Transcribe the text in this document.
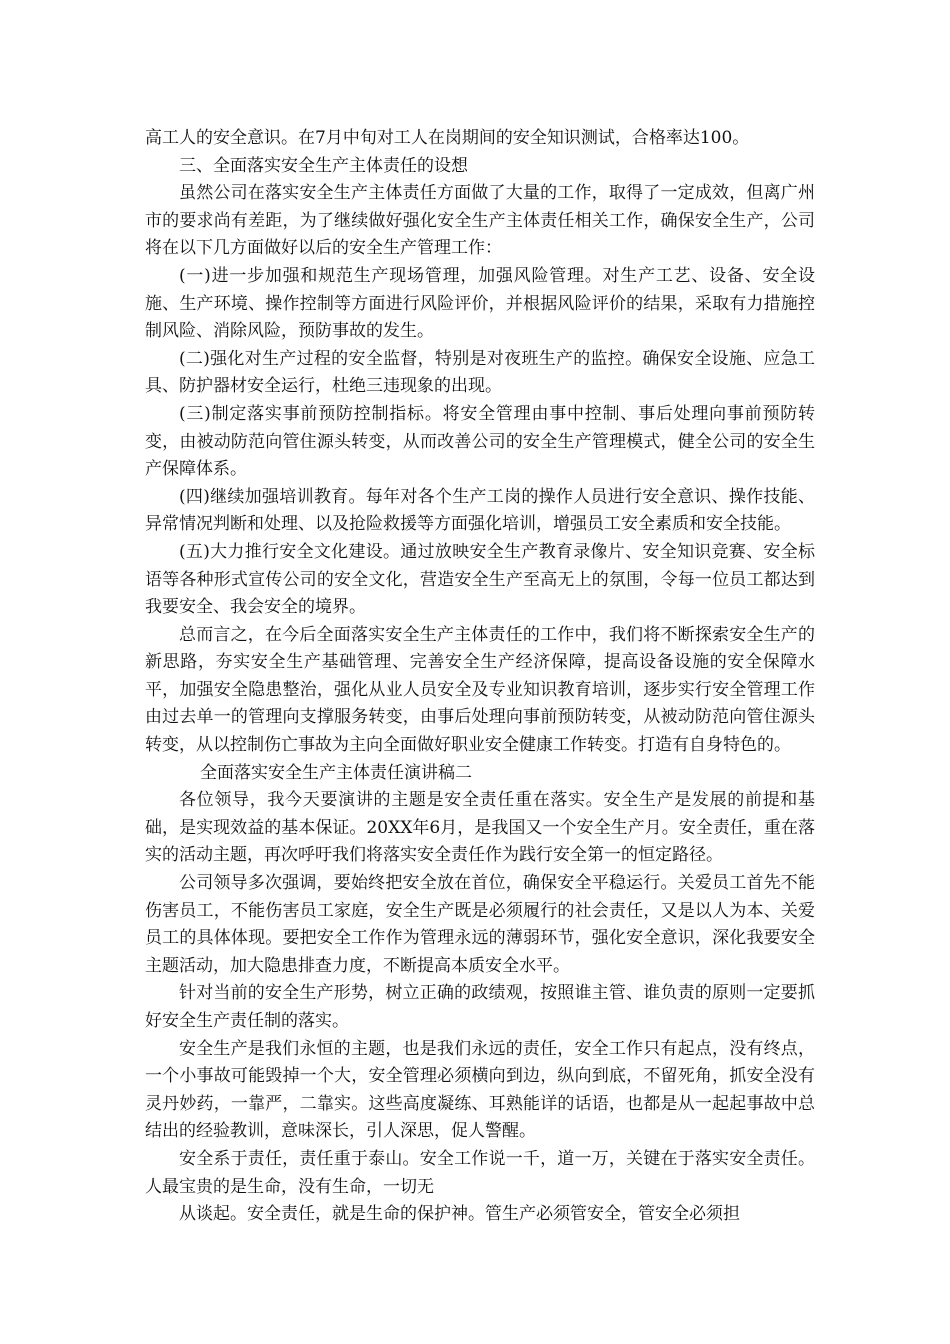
高工人的安全意识。在7月中旬对工人在岗期间的安全知识测试，合格率达100。

三、全面落实安全生产主体责任的设想

虽然公司在落实安全生产主体责任方面做了大量的工作，取得了一定成效，但离广州市的要求尚有差距，为了继续做好强化安全生产主体责任相关工作，确保安全生产，公司将在以下几方面做好以后的安全生产管理工作：

(一)进一步加强和规范生产现场管理，加强风险管理。对生产工艺、设备、安全设施、生产环境、操作控制等方面进行风险评价，并根据风险评价的结果，采取有力措施控制风险、消除风险，预防事故的发生。

(二)强化对生产过程的安全监督，特别是对夜班生产的监控。确保安全设施、应急工具、防护器材安全运行，杜绝三违现象的出现。

(三)制定落实事前预防控制指标。将安全管理由事中控制、事后处理向事前预防转变，由被动防范向管住源头转变，从而改善公司的安全生产管理模式，健全公司的安全生产保障体系。

(四)继续加强培训教育。每年对各个生产工岗的操作人员进行安全意识、操作技能、异常情况判断和处理、以及抢险救援等方面强化培训，增强员工安全素质和安全技能。

(五)大力推行安全文化建设。通过放映安全生产教育录像片、安全知识竞赛、安全标语等各种形式宣传公司的安全文化，营造安全生产至高无上的氛围，令每一位员工都达到我要安全、我会安全的境界。

总而言之，在今后全面落实安全生产主体责任的工作中，我们将不断探索安全生产的新思路，夯实安全生产基础管理、完善安全生产经济保障，提高设备设施的安全保障水平，加强安全隐患整治，强化从业人员安全及专业知识教育培训，逐步实行安全管理工作由过去单一的管理向支撑服务转变，由事后处理向事前预防转变，从被动防范向管住源头转变，从以控制伤亡事故为主向全面做好职业安全健康工作转变。打造有自身特色的。

全面落实安全生产主体责任演讲稿二

各位领导，我今天要演讲的主题是安全责任重在落实。安全生产是发展的前提和基础，是实现效益的基本保证。20XX年6月，是我国又一个安全生产月。安全责任，重在落实的活动主题，再次呼吁我们将落实安全责任作为践行安全第一的恒定路径。

公司领导多次强调，要始终把安全放在首位，确保安全平稳运行。关爱员工首先不能伤害员工，不能伤害员工家庭，安全生产既是必须履行的社会责任，又是以人为本、关爱员工的具体体现。要把安全工作作为管理永远的薄弱环节，强化安全意识，深化我要安全主题活动，加大隐患排查力度，不断提高本质安全水平。

针对当前的安全生产形势，树立正确的政绩观，按照谁主管、谁负责的原则一定要抓好安全生产责任制的落实。

安全生产是我们永恒的主题，也是我们永远的责任，安全工作只有起点，没有终点，一个小事故可能毁掉一个大，安全管理必须横向到边，纵向到底，不留死角，抓安全没有灵丹妙药，一靠严，二靠实。这些高度凝练、耳熟能详的话语，也都是从一起起事故中总结出的经验教训，意味深长，引人深思，促人警醒。

安全系于责任，责任重于泰山。安全工作说一千，道一万，关键在于落实安全责任。人最宝贵的是生命，没有生命，一切无

从谈起。安全责任，就是生命的保护神。管生产必须管安全，管安全必须担
